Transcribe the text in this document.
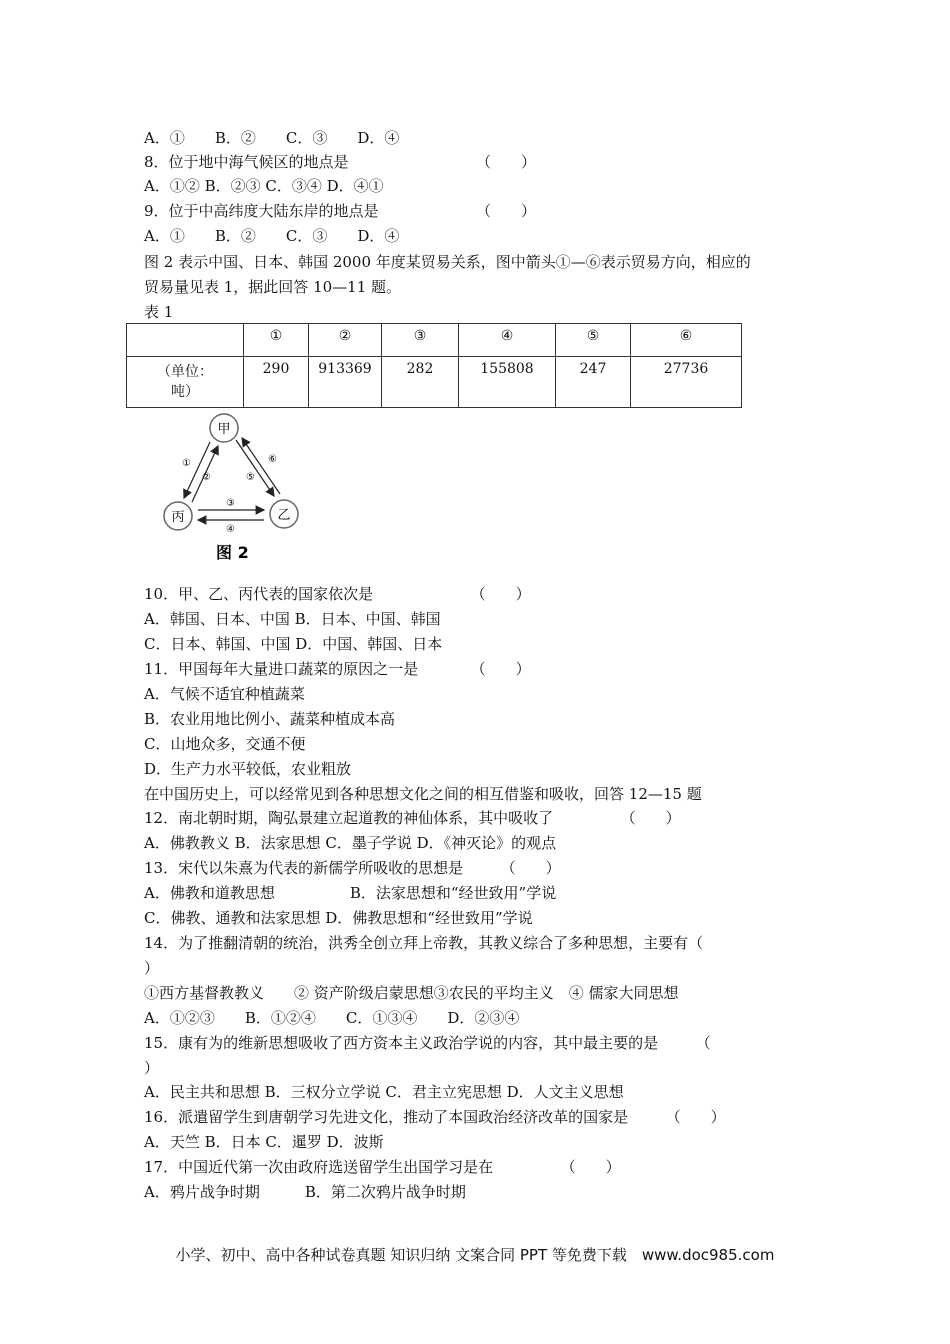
A．①　　B．②　　C．③　　D．④
8．位于地中海气候区的地点是　　　　　　　　　（　　）
A．①② B．②③ C．③④ D．④①
9．位于中高纬度大陆东岸的地点是　　　　　　　（　　）
A．①　　B．②　　C．③　　D．④
图 2 表示中国、日本、韩国 2000 年度某贸易关系，图中箭头①—⑥表示贸易方向，相应的
贸易量见表 1，据此回答 10—11 题。
表 1
	①	②	③	④	⑤	⑥

（单位：
吨）	290	913369	282	155808	247	27736
甲
丙	乙
①
②
③
④
⑤
⑥
图 2
10．甲、乙、丙代表的国家依次是　　　　　　　（　　）
A．韩国、日本、中国 B．日本、中国、韩国
C．日本、韩国、中国 D．中国、韩国、日本
11．甲国每年大量进口蔬菜的原因之一是　　　　（　　）
A．气候不适宜种植蔬菜
B．农业用地比例小、蔬菜种植成本高
C．山地众多，交通不便
D．生产力水平较低，农业粗放
在中国历史上，可以经常见到各种思想文化之间的相互借鉴和吸收，回答 12—15 题
12．南北朝时期，陶弘景建立起道教的神仙体系，其中吸收了　　　　　（　　）
A．佛教教义 B．法家思想 C．墨子学说 D．《神灭论》的观点
13．宋代以朱熹为代表的新儒学所吸收的思想是　　　（　　）
A．佛教和道教思想　　　　　B．法家思想和“经世致用”学说
C．佛教、通教和法家思想 D．佛教思想和“经世致用”学说
14．为了推翻清朝的统治，洪秀全创立拜上帝教，其教义综合了多种思想，主要有（
）
①西方基督教教义　　② 资产阶级启蒙思想③农民的平均主义　④ 儒家大同思想
A．①②③　　B．①②④　　C．①③④　　D．②③④
15．康有为的维新思想吸收了西方资本主义政治学说的内容，其中最主要的是　　　（
）
A．民主共和思想 B．三权分立学说 C．君主立宪思想 D．人文主义思想
16．派遣留学生到唐朝学习先进文化，推动了本国政治经济改革的国家是　　　（　　）
A．天竺 B．日本 C．暹罗 D．波斯
17．中国近代第一次由政府选送留学生出国学习是在　　　　　（　　）
A．鸦片战争时期　　　B．第二次鸦片战争时期
小学、初中、高中各种试卷真题 知识归纳 文案合同 PPT 等免费下载　www.doc985.com
